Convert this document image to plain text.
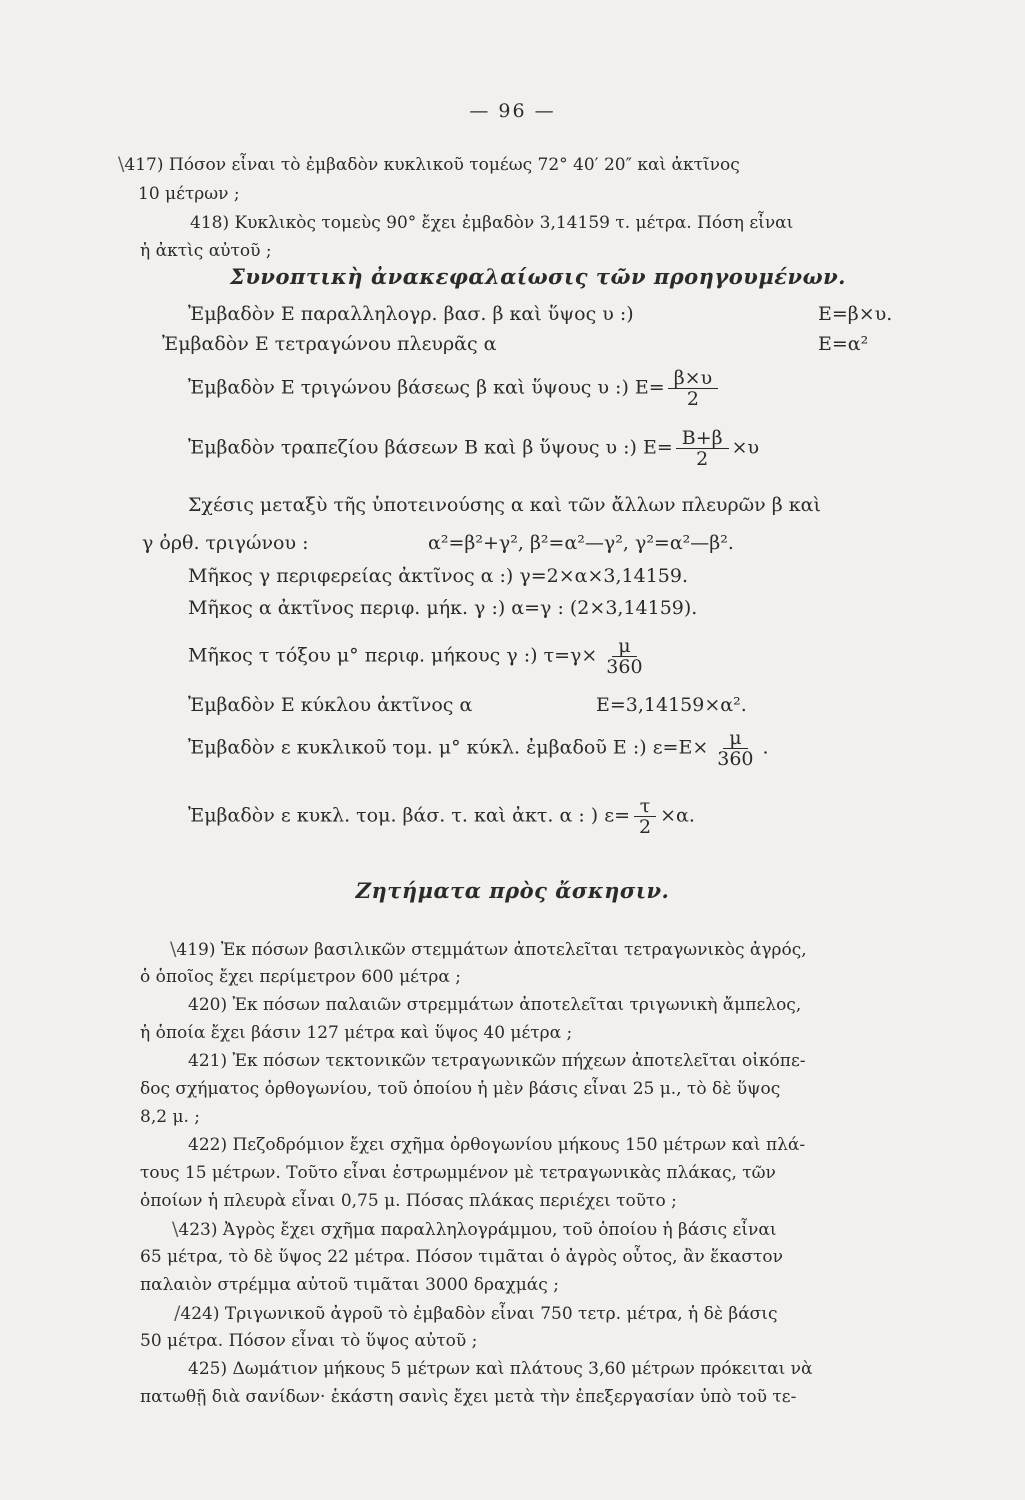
— 96 —
\417) Πόσον εἶναι τὸ ἐμβαδὸν κυκλικοῦ τομέως 72° 40′ 20″ καὶ ἀκτῖνος
10 μέτρων ;
418) Κυκλικὸς τομεὺς 90° ἔχει ἐμβαδὸν 3,14159 τ. μέτρα. Πόση εἶναι
ἡ ἀκτὶς αὐτοῦ ;
Συνοπτικὴ ἀνακεφαλαίωσις τῶν προηγουμένων.
Ἐμβαδὸν Ε παραλληλογρ. βασ. β καὶ ὕψος υ :)	Ε=β×υ.
Ἐμβαδὸν Ε τετραγώνου πλευρᾶς α	Ε=α²
Ἐμβαδὸν Ε τριγώνου βάσεως β καὶ ὕψους υ :) $E= \frac{\beta\times\upsilon}{2}$
Ἐμβαδὸν τραπεζίου βάσεων Β καὶ β ὕψους υ :) $E= \frac{B+\beta}{2} \times\upsilon$
Σχέσις μεταξὺ τῆς ὑποτεινούσης α καὶ τῶν ἄλλων πλευρῶν β καὶ
γ ὀρθ. τριγώνου :	α²=β²+γ², β²=α²—γ², γ²=α²—β².
Μῆκος γ περιφερείας ἀκτῖνος α :) γ=2×α×3,14159.
Μῆκος α ἀκτῖνος περιφ. μήκ. γ :) α=γ : (2×3,14159).
Μῆκος τ τόξου μ° περιφ. μήκους γ :) $\tau=\gamma\times \frac{\mu}{360}$
Ἐμβαδὸν Ε κύκλου ἀκτῖνος α	Ε=3,14159×α².
Ἐμβαδὸν ε κυκλικοῦ τομ. μ° κύκλ. ἐμβαδοῦ Ε :) $\varepsilon=E\times \frac{\mu}{360}$ .
Ἐμβαδὸν ε κυκλ. τομ. βάσ. τ. καὶ ἀκτ. α : ) $\varepsilon= \frac{\tau}{2} \times\alpha$.
Ζητήματα πρὸς ἄσκησιν.
\419) Ἐκ πόσων βασιλικῶν στεμμάτων ἀποτελεῖται τετραγωνικὸς ἀγρός,
ὁ ὁποῖος ἔχει περίμετρον 600 μέτρα ;
420) Ἐκ πόσων παλαιῶν στρεμμάτων ἀποτελεῖται τριγωνικὴ ἄμπελος,
ἡ ὁποία ἔχει βάσιν 127 μέτρα καὶ ὕψος 40 μέτρα ;
421) Ἐκ πόσων τεκτονικῶν τετραγωνικῶν πήχεων ἀποτελεῖται οἰκόπε-
δος σχήματος ὀρθογωνίου, τοῦ ὁποίου ἡ μὲν βάσις εἶναι 25 μ., τὸ δὲ ὕψος
8,2 μ. ;
422) Πεζοδρόμιον ἔχει σχῆμα ὀρθογωνίου μήκους 150 μέτρων καὶ πλά-
τους 15 μέτρων. Τοῦτο εἶναι ἐστρωμμένον μὲ τετραγωνικὰς πλάκας, τῶν
ὁποίων ἡ πλευρὰ εἶναι 0,75 μ. Πόσας πλάκας περιέχει τοῦτο ;
\423) Ἀγρὸς ἔχει σχῆμα παραλληλογράμμου, τοῦ ὁποίου ἡ βάσις εἶναι
65 μέτρα, τὸ δὲ ὕψος 22 μέτρα. Πόσον τιμᾶται ὁ ἀγρὸς οὗτος, ἂν ἕκαστον
παλαιὸν στρέμμα αὐτοῦ τιμᾶται 3000 δραχμάς ;
/424) Τριγωνικοῦ ἀγροῦ τὸ ἐμβαδὸν εἶναι 750 τετρ. μέτρα, ἡ δὲ βάσις
50 μέτρα. Πόσον εἶναι τὸ ὕψος αὐτοῦ ;
425) Δωμάτιον μήκους 5 μέτρων καὶ πλάτους 3,60 μέτρων πρόκειται νὰ
πατωθῇ διὰ σανίδων· ἑκάστη σανὶς ἔχει μετὰ τὴν ἐπεξεργασίαν ὑπὸ τοῦ τε-
